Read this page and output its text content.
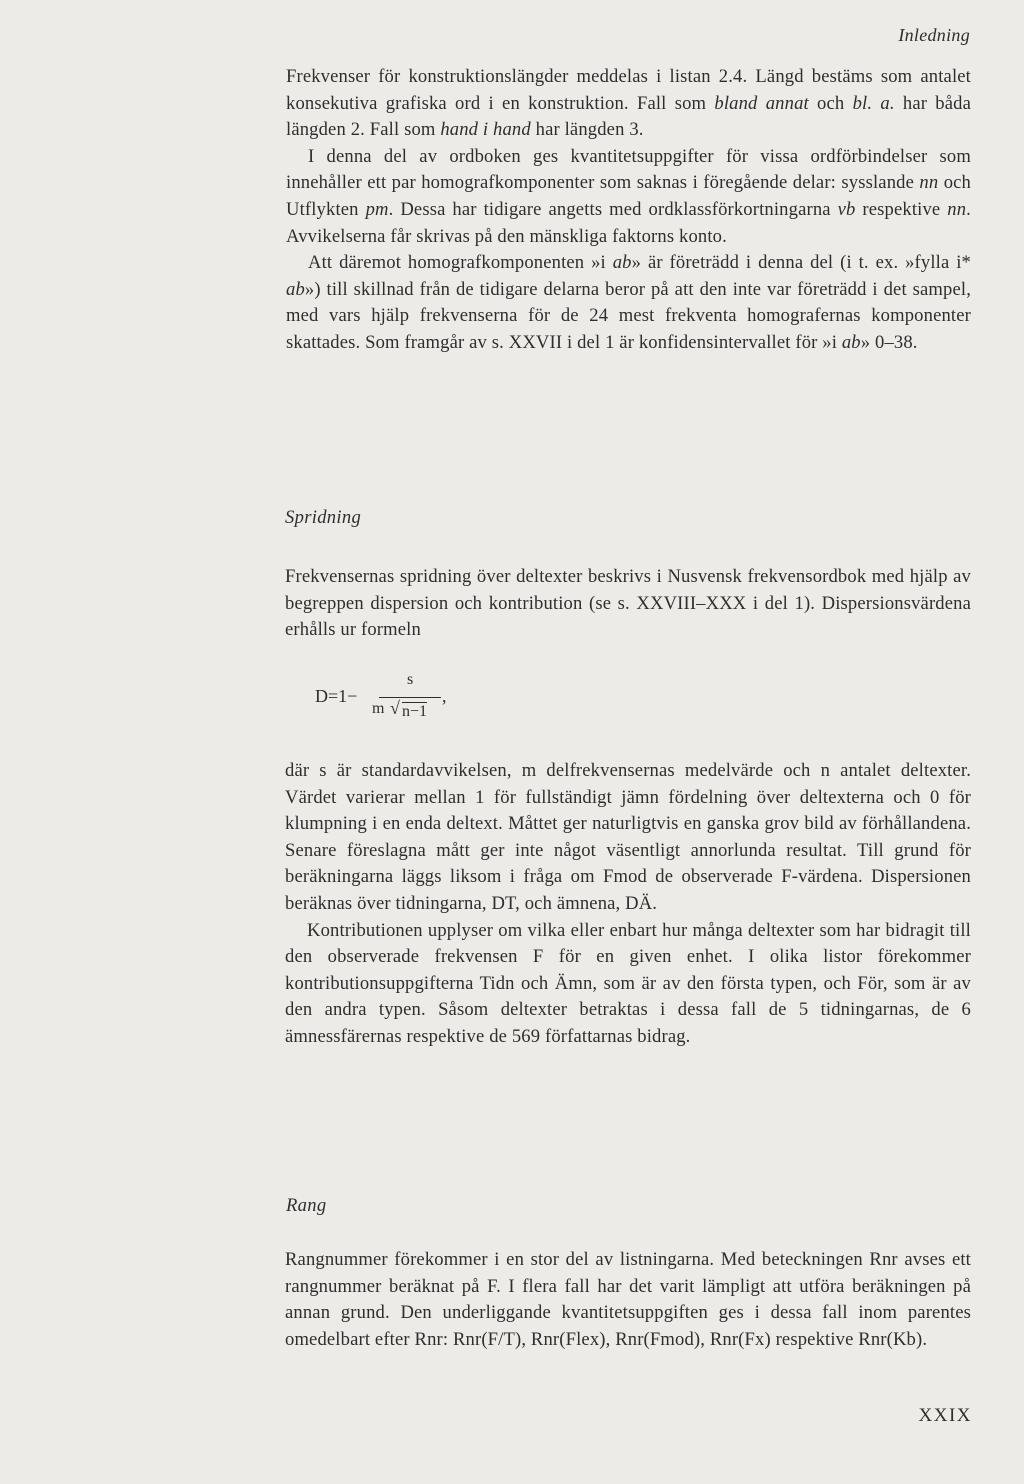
Inledning

Frekvenser för konstruktionslängder meddelas i listan 2.4. Längd bestäms som antalet konsekutiva grafiska ord i en konstruktion. Fall som bland annat och bl. a. har båda längden 2. Fall som hand i hand har längden 3.

I denna del av ordboken ges kvantitetsuppgifter för vissa ordförbindelser som innehåller ett par homografkomponenter som saknas i föregående delar: sysslande nn och Utflykten pm. Dessa har tidigare angetts med ordklassförkortningarna vb respektive nn. Avvikelserna får skrivas på den mänskliga faktorns konto.

Att däremot homografkomponenten »i ab» är företrädd i denna del (i t. ex. »fylla i* ab») till skillnad från de tidigare delarna beror på att den inte var företrädd i det sampel, med vars hjälp frekvenserna för de 24 mest frekventa homografernas komponenter skattades. Som framgår av s. XXVII i del 1 är konfidensintervallet för »i ab» 0–38.

Spridning

Frekvensernas spridning över deltexter beskrivs i Nusvensk frekvensordbok med hjälp av begreppen dispersion och kontribution (se s. XXVIII–XXX i del 1). Dispersionsvärdena erhålls ur formeln

D=1−
s
,
m √ n−1

där s är standardavvikelsen, m delfrekvensernas medelvärde och n antalet deltexter. Värdet varierar mellan 1 för fullständigt jämn fördelning över deltexterna och 0 för klumpning i en enda deltext. Måttet ger naturligtvis en ganska grov bild av förhållandena. Senare föreslagna mått ger inte något väsentligt annorlunda resultat. Till grund för beräkningarna läggs liksom i fråga om Fmod de observerade F-värdena. Dispersionen beräknas över tidningarna, DT, och ämnena, DÄ.

Kontributionen upplyser om vilka eller enbart hur många deltexter som har bidragit till den observerade frekvensen F för en given enhet. I olika listor förekommer kontributionsuppgifterna Tidn och Ämn, som är av den första typen, och För, som är av den andra typen. Såsom deltexter betraktas i dessa fall de 5 tidningarnas, de 6 ämnessfärernas respektive de 569 författarnas bidrag.

Rang

Rangnummer förekommer i en stor del av listningarna. Med beteckningen Rnr avses ett rangnummer beräknat på F. I flera fall har det varit lämpligt att utföra beräkningen på annan grund. Den underliggande kvantitetsuppgiften ges i dessa fall inom parentes omedelbart efter Rnr: Rnr(F/T), Rnr(Flex), Rnr(Fmod), Rnr(Fx) respektive Rnr(Kb).

XXIX
